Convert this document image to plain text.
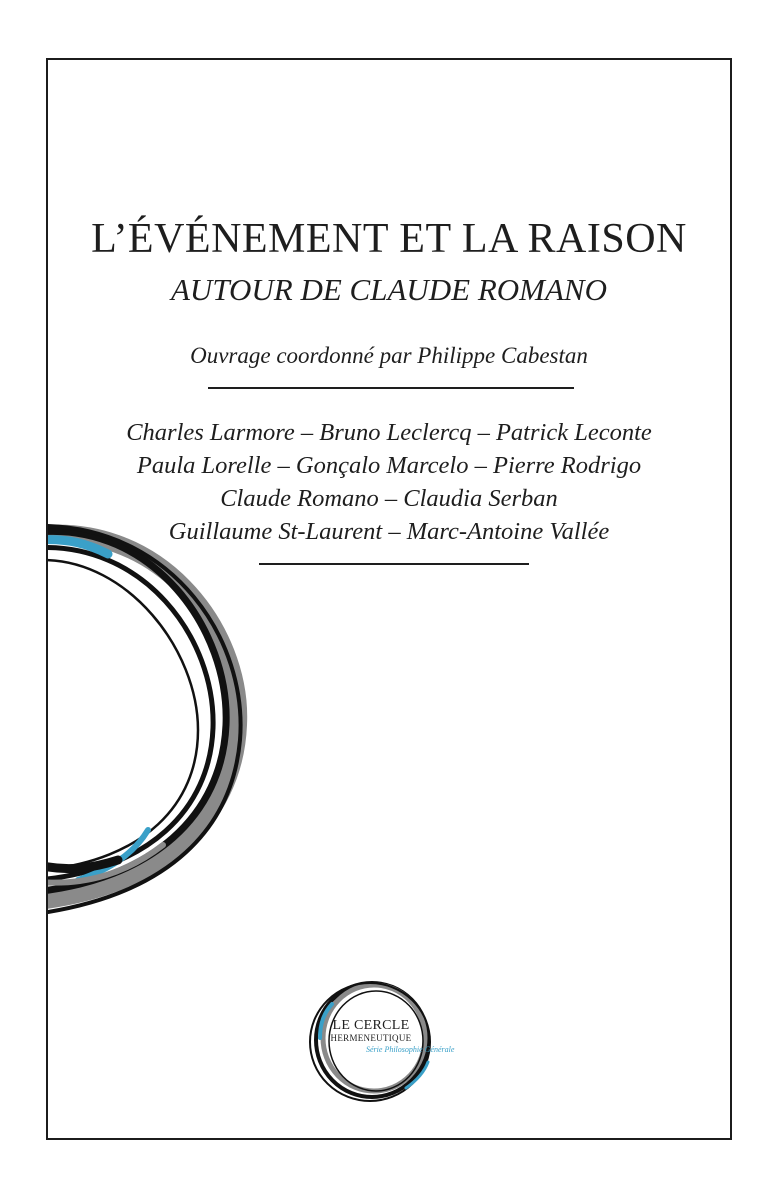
L’ÉVÉNEMENT ET LA RAISON
AUTOUR DE CLAUDE ROMANO
Ouvrage coordonné par Philippe Cabestan
Charles Larmore – Bruno Leclercq – Patrick Leconte
Paula Lorelle – Gonçalo Marcelo – Pierre Rodrigo
Claude Romano – Claudia Serban
Guillaume St-Laurent – Marc-Antoine Vallée
LE CERCLE
HERMENEUTIQUE
Série Philosophie Générale
